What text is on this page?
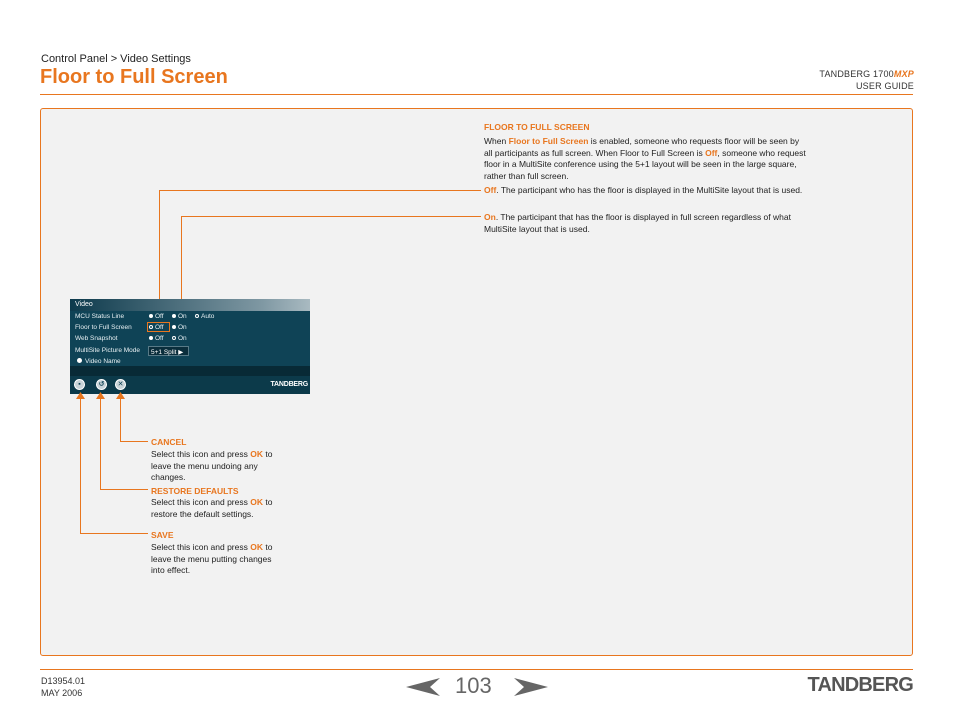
Control Panel > Video Settings
Floor to Full Screen	TANDBERG 1700MXP
USER GUIDE
FLOOR TO FULL SCREEN
When Floor to Full Screen is enabled, someone who requests floor will be seen by all participants as full screen. When Floor to Full Screen is Off, someone who request floor in a MultiSite conference using the 5+1 layout will be seen in the large square, rather than full screen.
Off. The participant who has the floor is displayed in the MultiSite layout that is used.
On. The participant that has the floor is displayed in full screen regardless of what MultiSite layout that is used.
Video
MCU Status Line	Off	On	Auto
Floor to Full Screen	Off	On
Web Snapshot	Off	On
MultiSite Picture Mode 5+1 Split ▶
Video Name
▪	↺	✕	TANDBERG
CANCEL
Select this icon and press OK to leave the menu undoing any changes.
RESTORE DEFAULTS
Select this icon and press OK to restore the default settings.
SAVE
Select this icon and press OK to leave the menu putting changes into effect.
D13954.01
MAY 2006	103	TANDBERG
